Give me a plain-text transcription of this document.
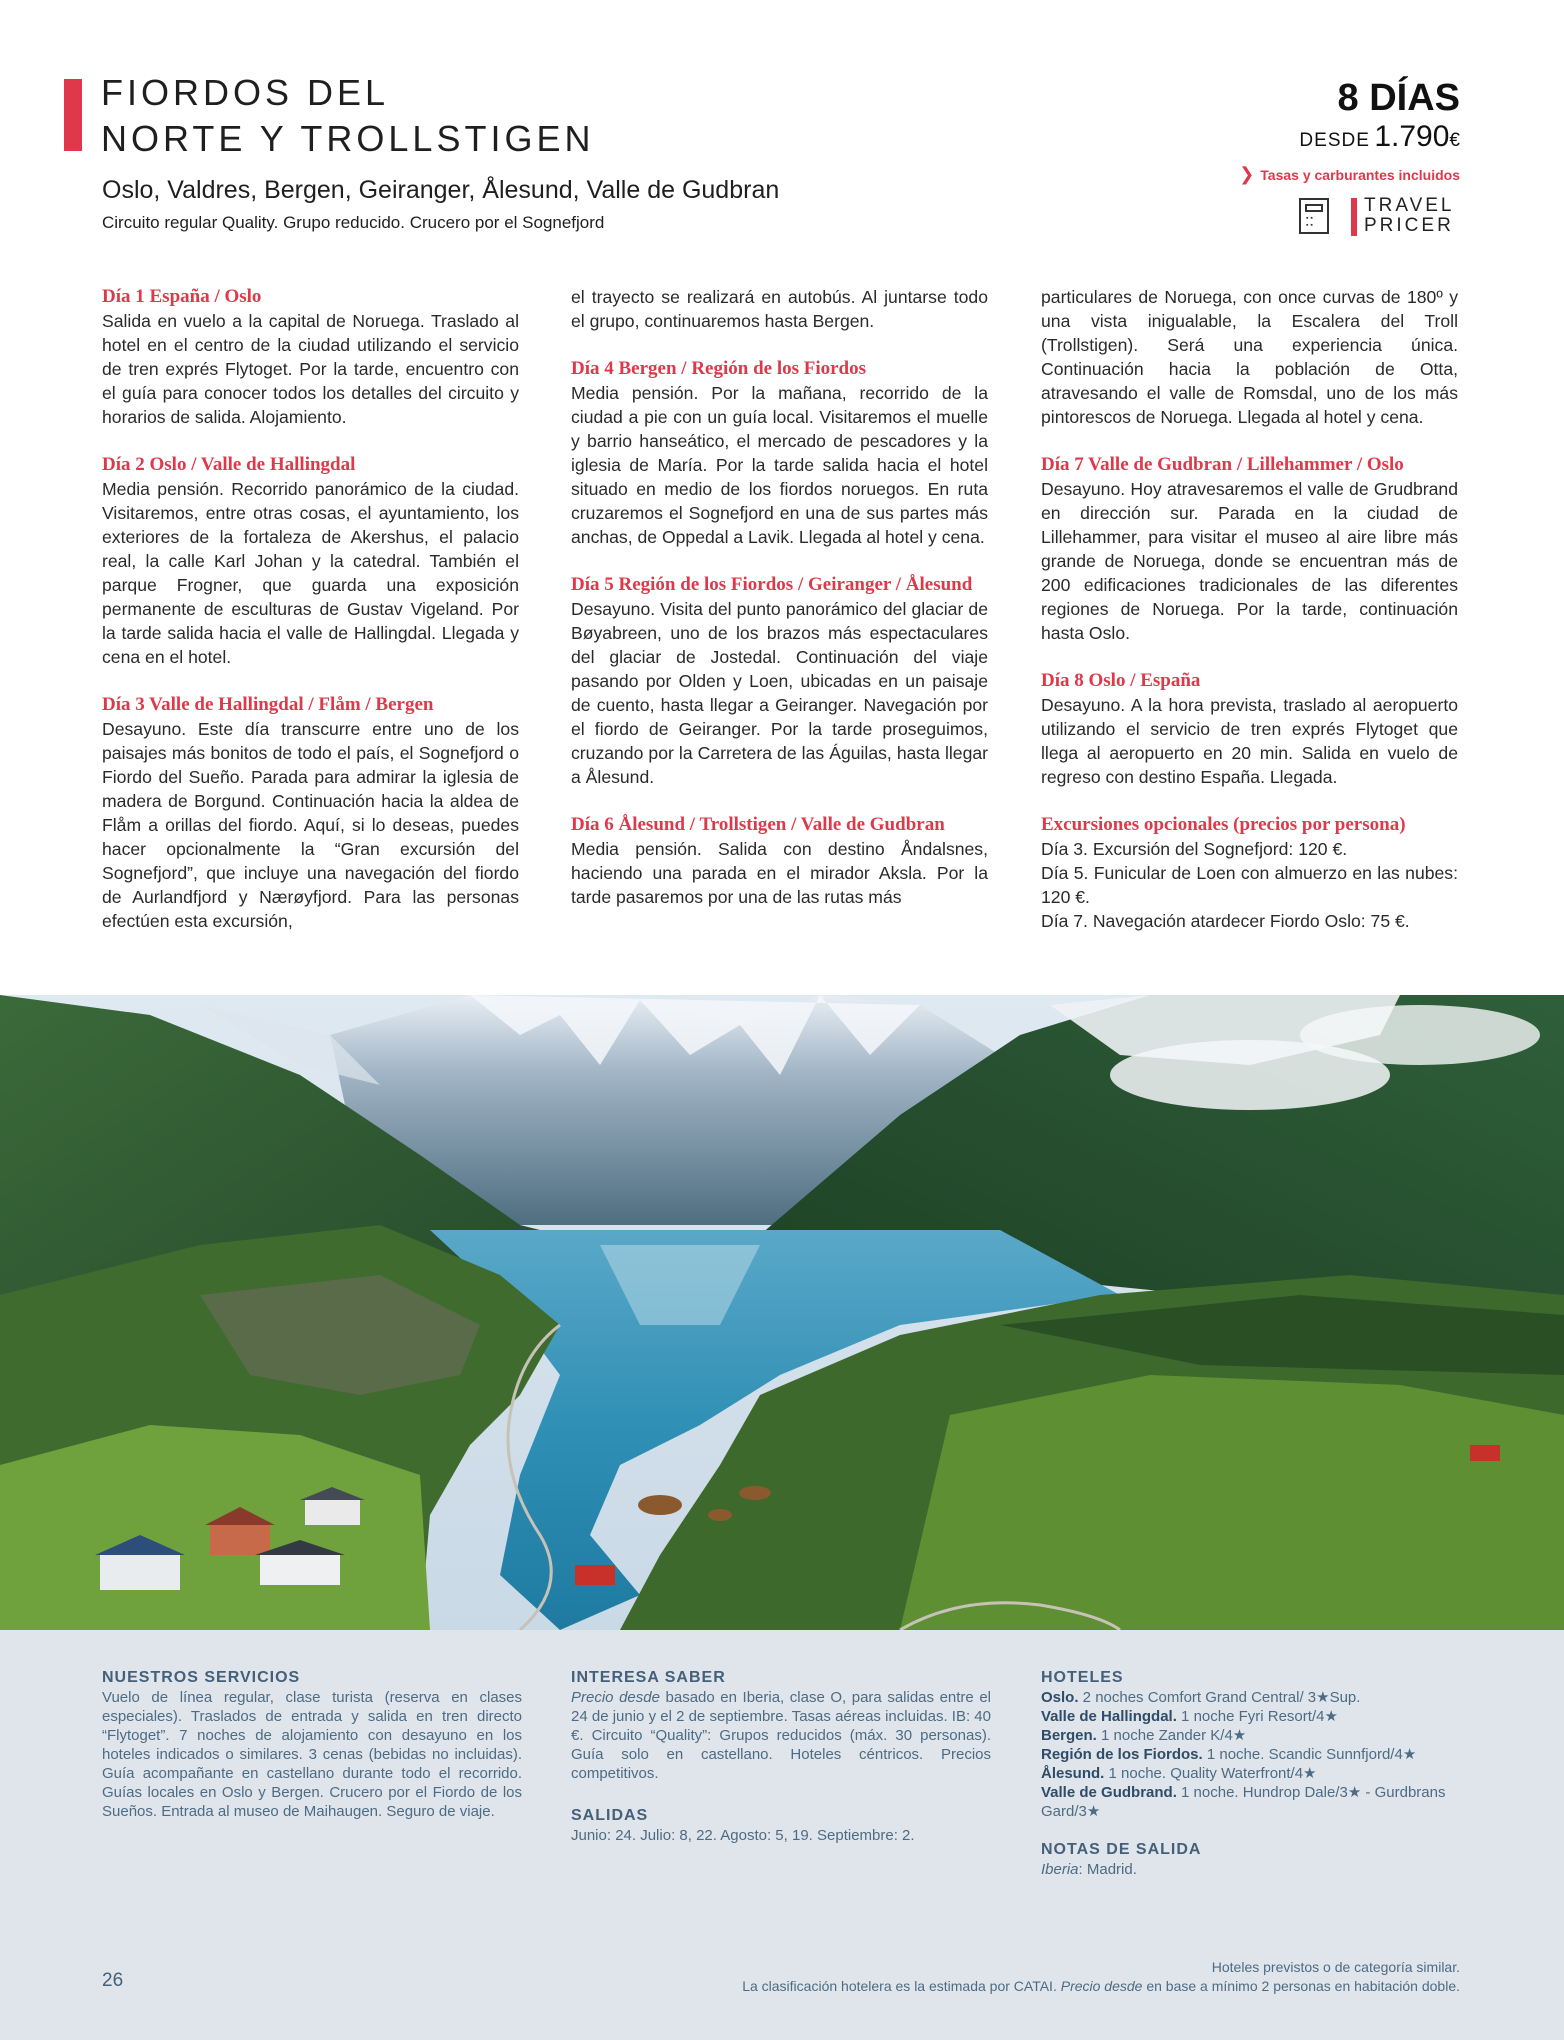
FIORDOS DEL
NORTE Y TROLLSTIGEN
Oslo, Valdres, Bergen, Geiranger, Ålesund, Valle de Gudbran
Circuito regular Quality. Grupo reducido. Crucero por el Sognefjord
8 DÍAS
DESDE 1.790€
❯ Tasas y carburantes incluidos
▪ ▪ ▪ ▪
TRAVEL
PRICER
Día 1 España / Oslo

Salida en vuelo a la capital de Noruega. Traslado al hotel en el centro de la ciudad utilizando el servicio de tren exprés Flytoget. Por la tarde, encuentro con el guía para conocer todos los detalles del circuito y horarios de salida. Alojamiento.

Día 2 Oslo / Valle de Hallingdal

Media pensión. Recorrido panorámico de la ciudad. Visitaremos, entre otras cosas, el ayuntamiento, los exteriores de la fortaleza de Akershus, el palacio real, la calle Karl Johan y la catedral. También el parque Frogner, que guarda una exposición permanente de esculturas de Gustav Vigeland. Por la tarde salida hacia el valle de Hallingdal. Llegada y cena en el hotel.

Día 3 Valle de Hallingdal / Flåm / Bergen

Desayuno. Este día transcurre entre uno de los paisajes más bonitos de todo el país, el Sognefjord o Fiordo del Sueño. Parada para admirar la iglesia de madera de Borgund. Continuación hacia la aldea de Flåm a orillas del fiordo. Aquí, si lo deseas, puedes hacer opcionalmente la “Gran excursión del Sognefjord”, que incluye una navegación del fiordo de Aurlandfjord y Nærøyfjord. Para las personas efectúen esta excursión,

el trayecto se realizará en autobús. Al juntarse todo el grupo, continuaremos hasta Bergen.

Día 4 Bergen / Región de los Fiordos

Media pensión. Por la mañana, recorrido de la ciudad a pie con un guía local. Visitaremos el muelle y barrio hanseático, el mercado de pescadores y la iglesia de María. Por la tarde salida hacia el hotel situado en medio de los fiordos noruegos. En ruta cruzaremos el Sognefjord en una de sus partes más anchas, de Oppedal a Lavik. Llegada al hotel y cena.

Día 5 Región de los Fiordos / Geiranger / Ålesund

Desayuno. Visita del punto panorámico del glaciar de Bøyabreen, uno de los brazos más espectaculares del glaciar de Jostedal. Continuación del viaje pasando por Olden y Loen, ubicadas en un paisaje de cuento, hasta llegar a Geiranger. Navegación por el fiordo de Geiranger. Por la tarde proseguimos, cruzando por la Carretera de las Águilas, hasta llegar a Ålesund.

Día 6 Ålesund / Trollstigen / Valle de Gudbran

Media pensión. Salida con destino Åndalsnes, haciendo una parada en el mirador Aksla. Por la tarde pasaremos por una de las rutas más

particulares de Noruega, con once curvas de 180º y una vista inigualable, la Escalera del Troll (Trollstigen). Será una experiencia única. Continuación hacia la población de Otta, atravesando el valle de Romsdal, uno de los más pintorescos de Noruega. Llegada al hotel y cena.

Día 7 Valle de Gudbran / Lillehammer / Oslo

Desayuno. Hoy atravesaremos el valle de Grudbrand en dirección sur. Parada en la ciudad de Lillehammer, para visitar el museo al aire libre más grande de Noruega, donde se encuentran más de 200 edificaciones tradicionales de las diferentes regiones de Noruega. Por la tarde, continuación hasta Oslo.

Día 8 Oslo / España

Desayuno. A la hora prevista, traslado al aeropuerto utilizando el servicio de tren exprés Flytoget que llega al aeropuerto en 20 min. Salida en vuelo de regreso con destino España. Llegada.

Excursiones opcionales (precios por persona)

Día 3. Excursión del Sognefjord: 120 €.

Día 5. Funicular de Loen con almuerzo en las nubes: 120 €.

Día 7. Navegación atardecer Fiordo Oslo: 75 €.

NUESTROS SERVICIOS

Vuelo de línea regular, clase turista (reserva en clases especiales). Traslados de entrada y salida en tren directo “Flytoget”. 7 noches de alojamiento con desayuno en los hoteles indicados o similares. 3 cenas (bebidas no incluidas). Guía acompañante en castellano durante todo el recorrido. Guías locales en Oslo y Bergen. Crucero por el Fiordo de los Sueños. Entrada al museo de Maihaugen. Seguro de viaje.

INTERESA SABER

Precio desde basado en Iberia, clase O, para salidas entre el 24 de junio y el 2 de septiembre. Tasas aéreas incluidas. IB: 40 €. Circuito “Quality”: Grupos reducidos (máx. 30 personas). Guía solo en castellano. Hoteles céntricos. Precios competitivos.

SALIDAS

Junio: 24. Julio: 8, 22. Agosto: 5, 19. Septiembre: 2.

HOTELES

Oslo. 2 noches Comfort Grand Central/ 3★Sup.

Valle de Hallingdal. 1 noche Fyri Resort/4★

Bergen. 1 noche Zander K/4★

Región de los Fiordos. 1 noche. Scandic Sunnfjord/4★

Ålesund. 1 noche. Quality Waterfront/4★

Valle de Gudbrand. 1 noche. Hundrop Dale/3★ - Gurdbrans Gard/3★

NOTAS DE SALIDA

Iberia: Madrid.

26
Hoteles previstos o de categoría similar.
La clasificación hotelera es la estimada por CATAI. Precio desde en base a mínimo 2 personas en habitación doble.
